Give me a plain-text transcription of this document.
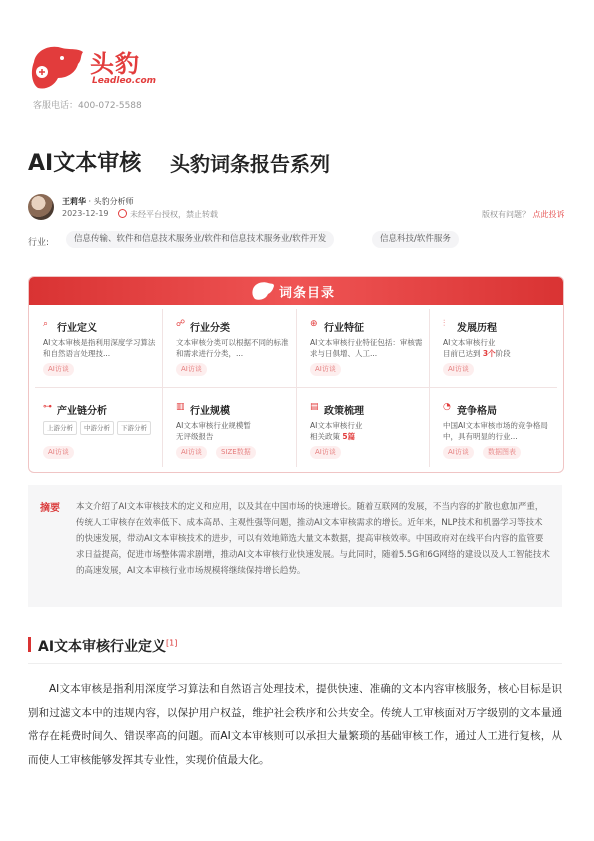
头豹
Leadleo.com
客服电话：400-072-5588
AI文本审核 头豹词条报告系列
王莉华 · 头豹分析师
2023-12-19	未经平台授权，禁止转载	版权有问题？ 点此投诉
行业:	信息传输、软件和信息技术服务业/软件和信息技术服务业/软件开发	信息科技/软件服务
词条目录
⌕ 行业定义
AI文本审核是指利用深度学习算法和自然语言处理技...
AI访谈
☍ 行业分类
文本审核分类可以根据不同的标准和需求进行分类，...
AI访谈
⊕ 行业特征
AI文本审核行业特征包括：审核需求与日俱增、人工...
AI访谈
⫶	发展历程
AI文本审核行业
目前已达到 3个阶段
AI访谈
⊶ 产业链分析
上游分析	中游分析	下游分析
AI访谈
▥ 行业规模
AI文本审核行业规模暂无评级报告
AI访谈	SIZE数据
▤ 政策梳理
AI文本审核行业
相关政策 5篇
AI访谈
◔ 竞争格局
中国AI文本审核市场的竞争格局中，具有明显的行业...
AI访谈	数据图表
摘要 本文介绍了AI文本审核技术的定义和应用，以及其在中国市场的快速增长。随着互联网的发展，不当内容的扩散也愈加严重，传统人工审核存在效率低下、成本高昂、主观性强等问题，推动AI文本审核需求的增长。近年来，NLP技术和机器学习等技术的快速发展，带动AI文本审核技术的进步，可以有效地筛选大量文本数据，提高审核效率。中国政府对在线平台内容的监管要求日益提高，促进市场整体需求剧增，推动AI文本审核行业快速发展。与此同时，随着5.5G和6G网络的建设以及人工智能技术的高速发展，AI文本审核行业市场规模将继续保持增长趋势。
AI文本审核行业定义[1]
AI文本审核是指利用深度学习算法和自然语言处理技术，提供快速、准确的文本内容审核服务，核心目标是识别和过滤文本中的违规内容，以保护用户权益，维护社会秩序和公共安全。传统人工审核面对万字级别的文本量通常存在耗费时间久、错误率高的问题。而AI文本审核则可以承担大量繁琐的基础审核工作，通过人工进行复核，从而使人工审核能够发挥其专业性，实现价值最大化。
